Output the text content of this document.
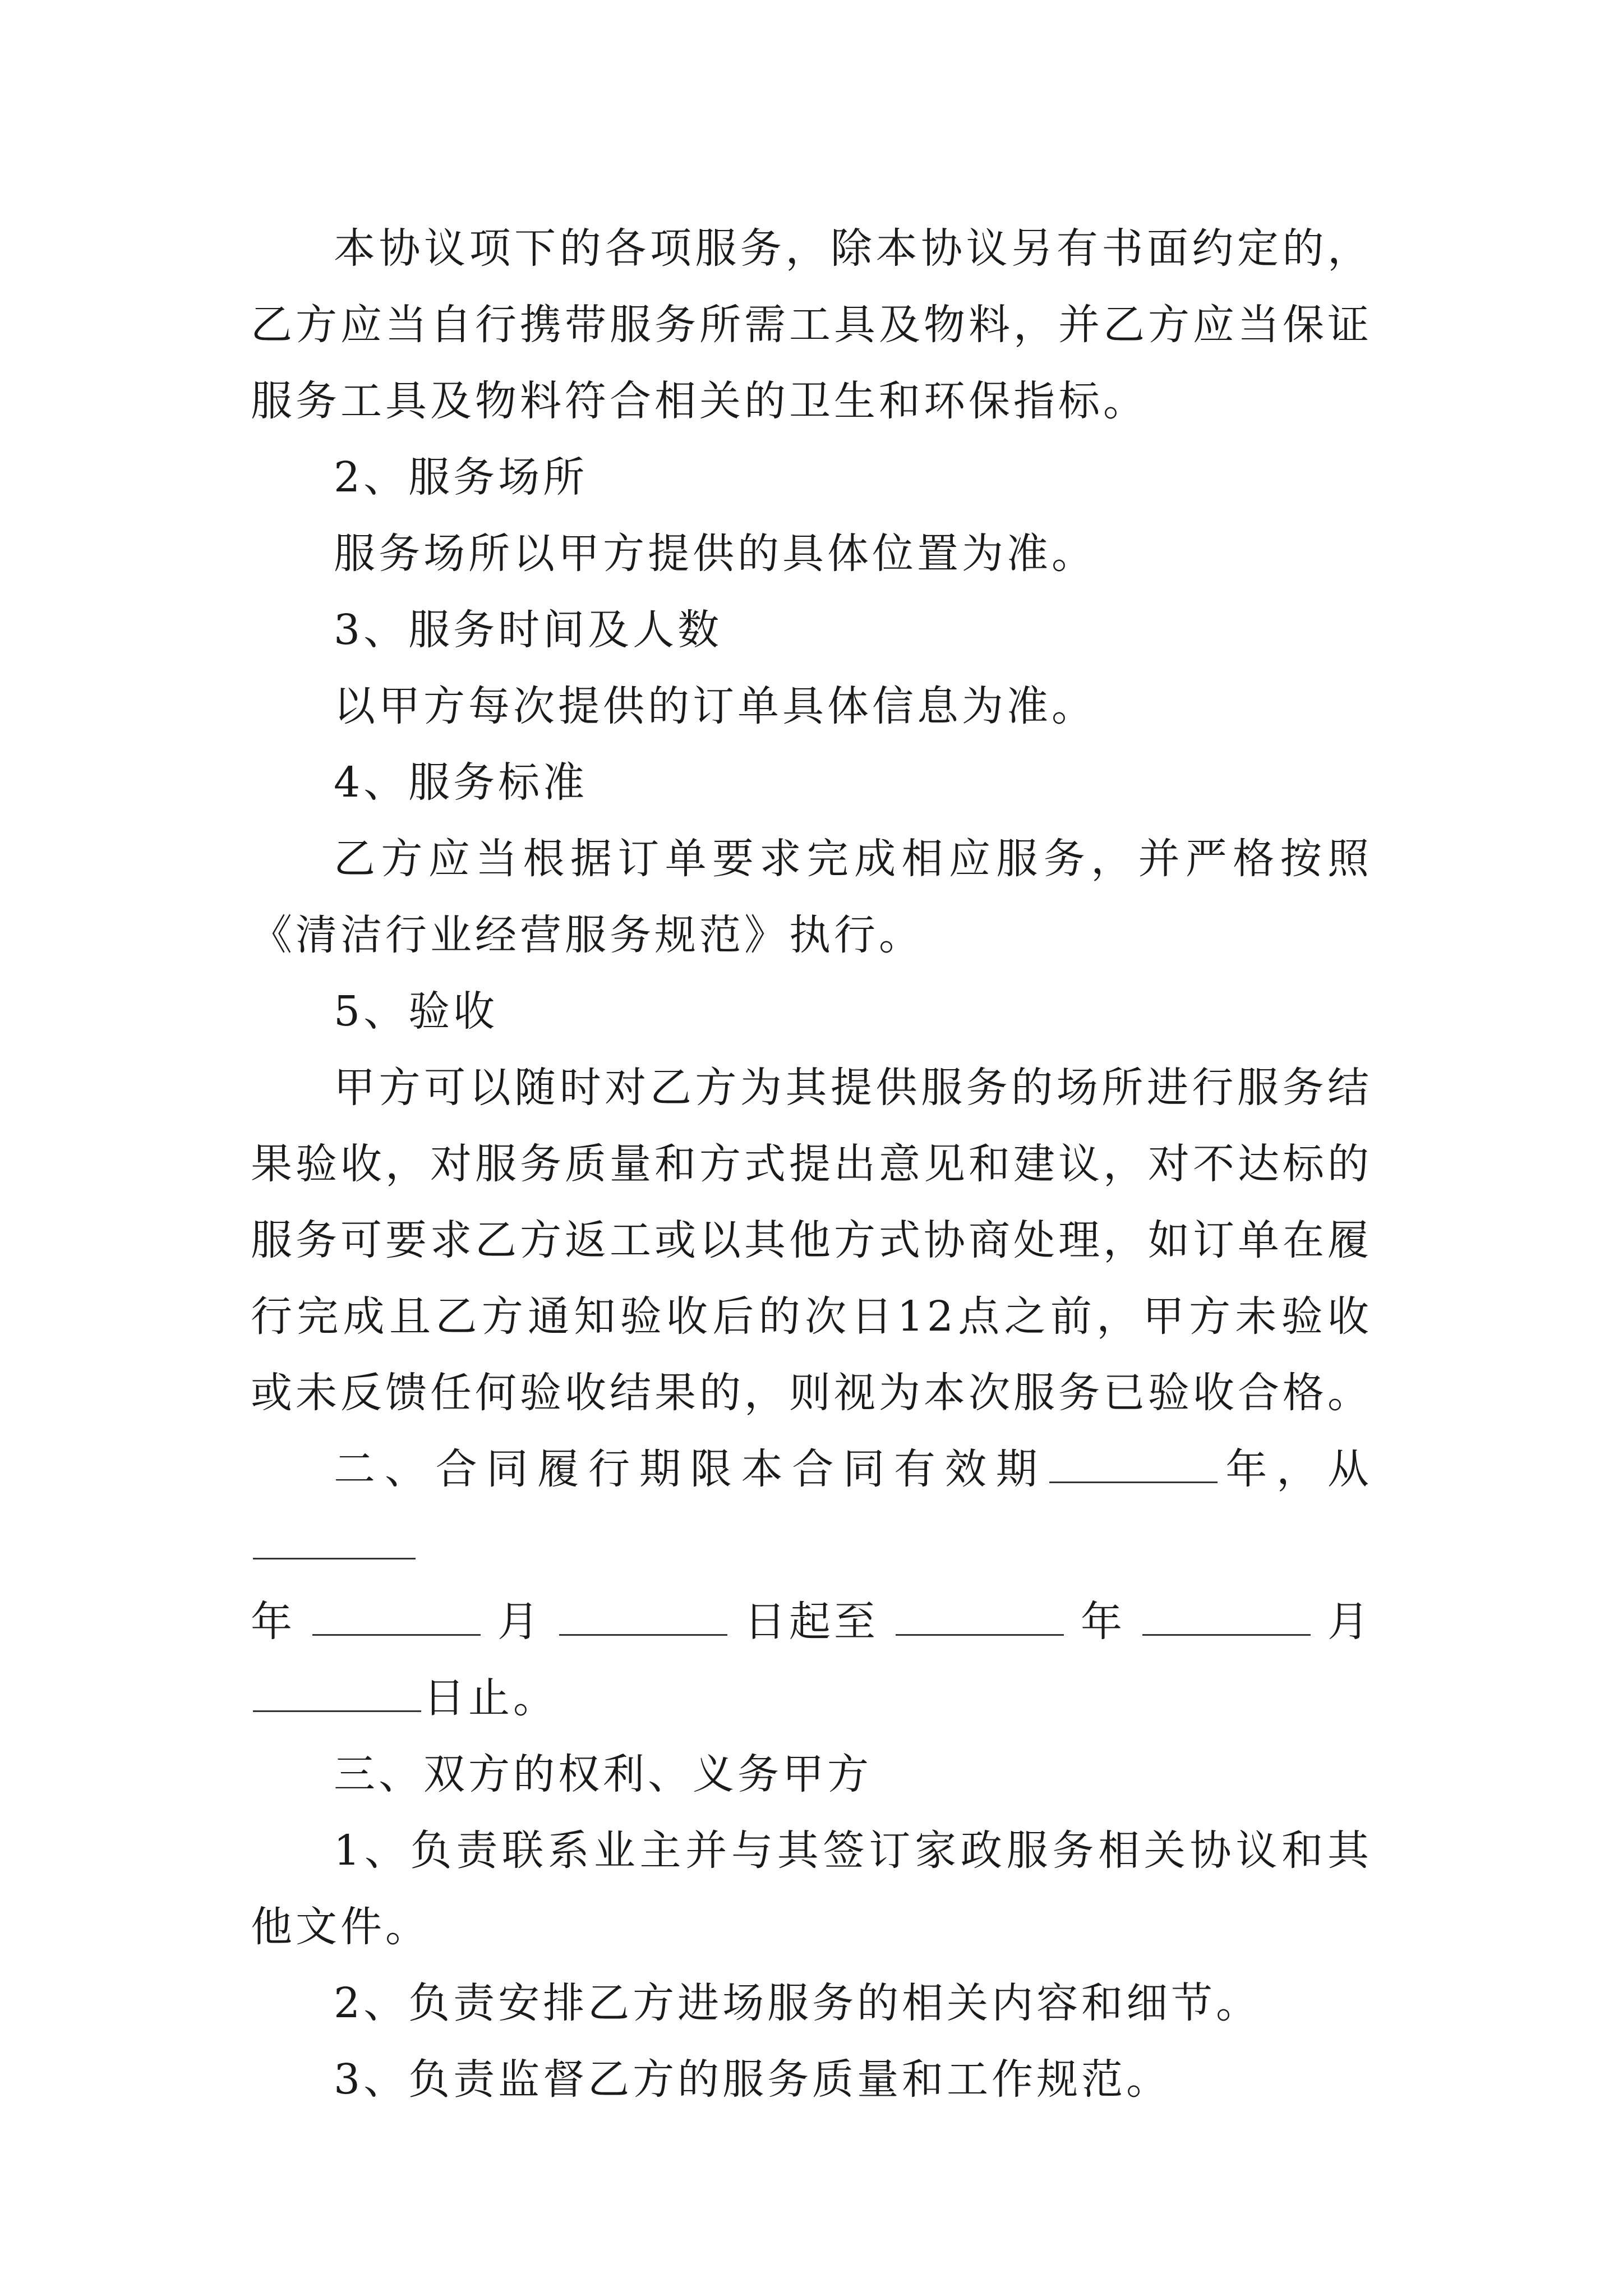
本协议项下的各项服务，除本协议另有书面约定的，乙方应当自行携带服务所需工具及物料，并乙方应当保证服务工具及物料符合相关的卫生和环保指标。

2、服务场所

服务场所以甲方提供的具体位置为准。

3、服务时间及人数

以甲方每次提供的订单具体信息为准。

4、服务标准

乙方应当根据订单要求完成相应服务，并严格按照《清洁行业经营服务规范》执行。

5、验收

甲方可以随时对乙方为其提供服务的场所进行服务结果验收，对服务质量和方式提出意见和建议，对不达标的服务可要求乙方返工或以其他方式协商处理，如订单在履行完成且乙方通知验收后的次日12点之前，甲方未验收或未反馈任何验收结果的，则视为本次服务已验收合格。

二、合同履行期限本合同有效期	年，从

年	月	日起至	年	月

日止。

三、双方的权利、义务甲方

1、负责联系业主并与其签订家政服务相关协议和其他文件。

2、负责安排乙方进场服务的相关内容和细节。

3、负责监督乙方的服务质量和工作规范。
